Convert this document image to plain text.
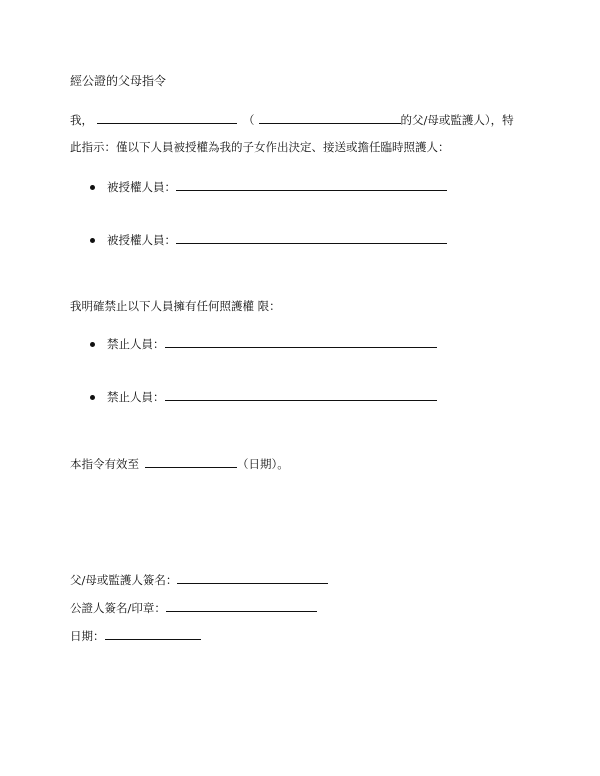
經公證的父母指令
我，	（	的父/母或監護人），特
此指示：僅以下人員被授權為我的子女作出決定、接送或擔任臨時照護人：
被授權人員：
被授權人員：
我明確禁止以下人員擁有任何照護權 限：
禁止人員：
禁止人員：
本指令有效至	（日期）。
父/母或監護人簽名：
公證人簽名/印章：
日期：
